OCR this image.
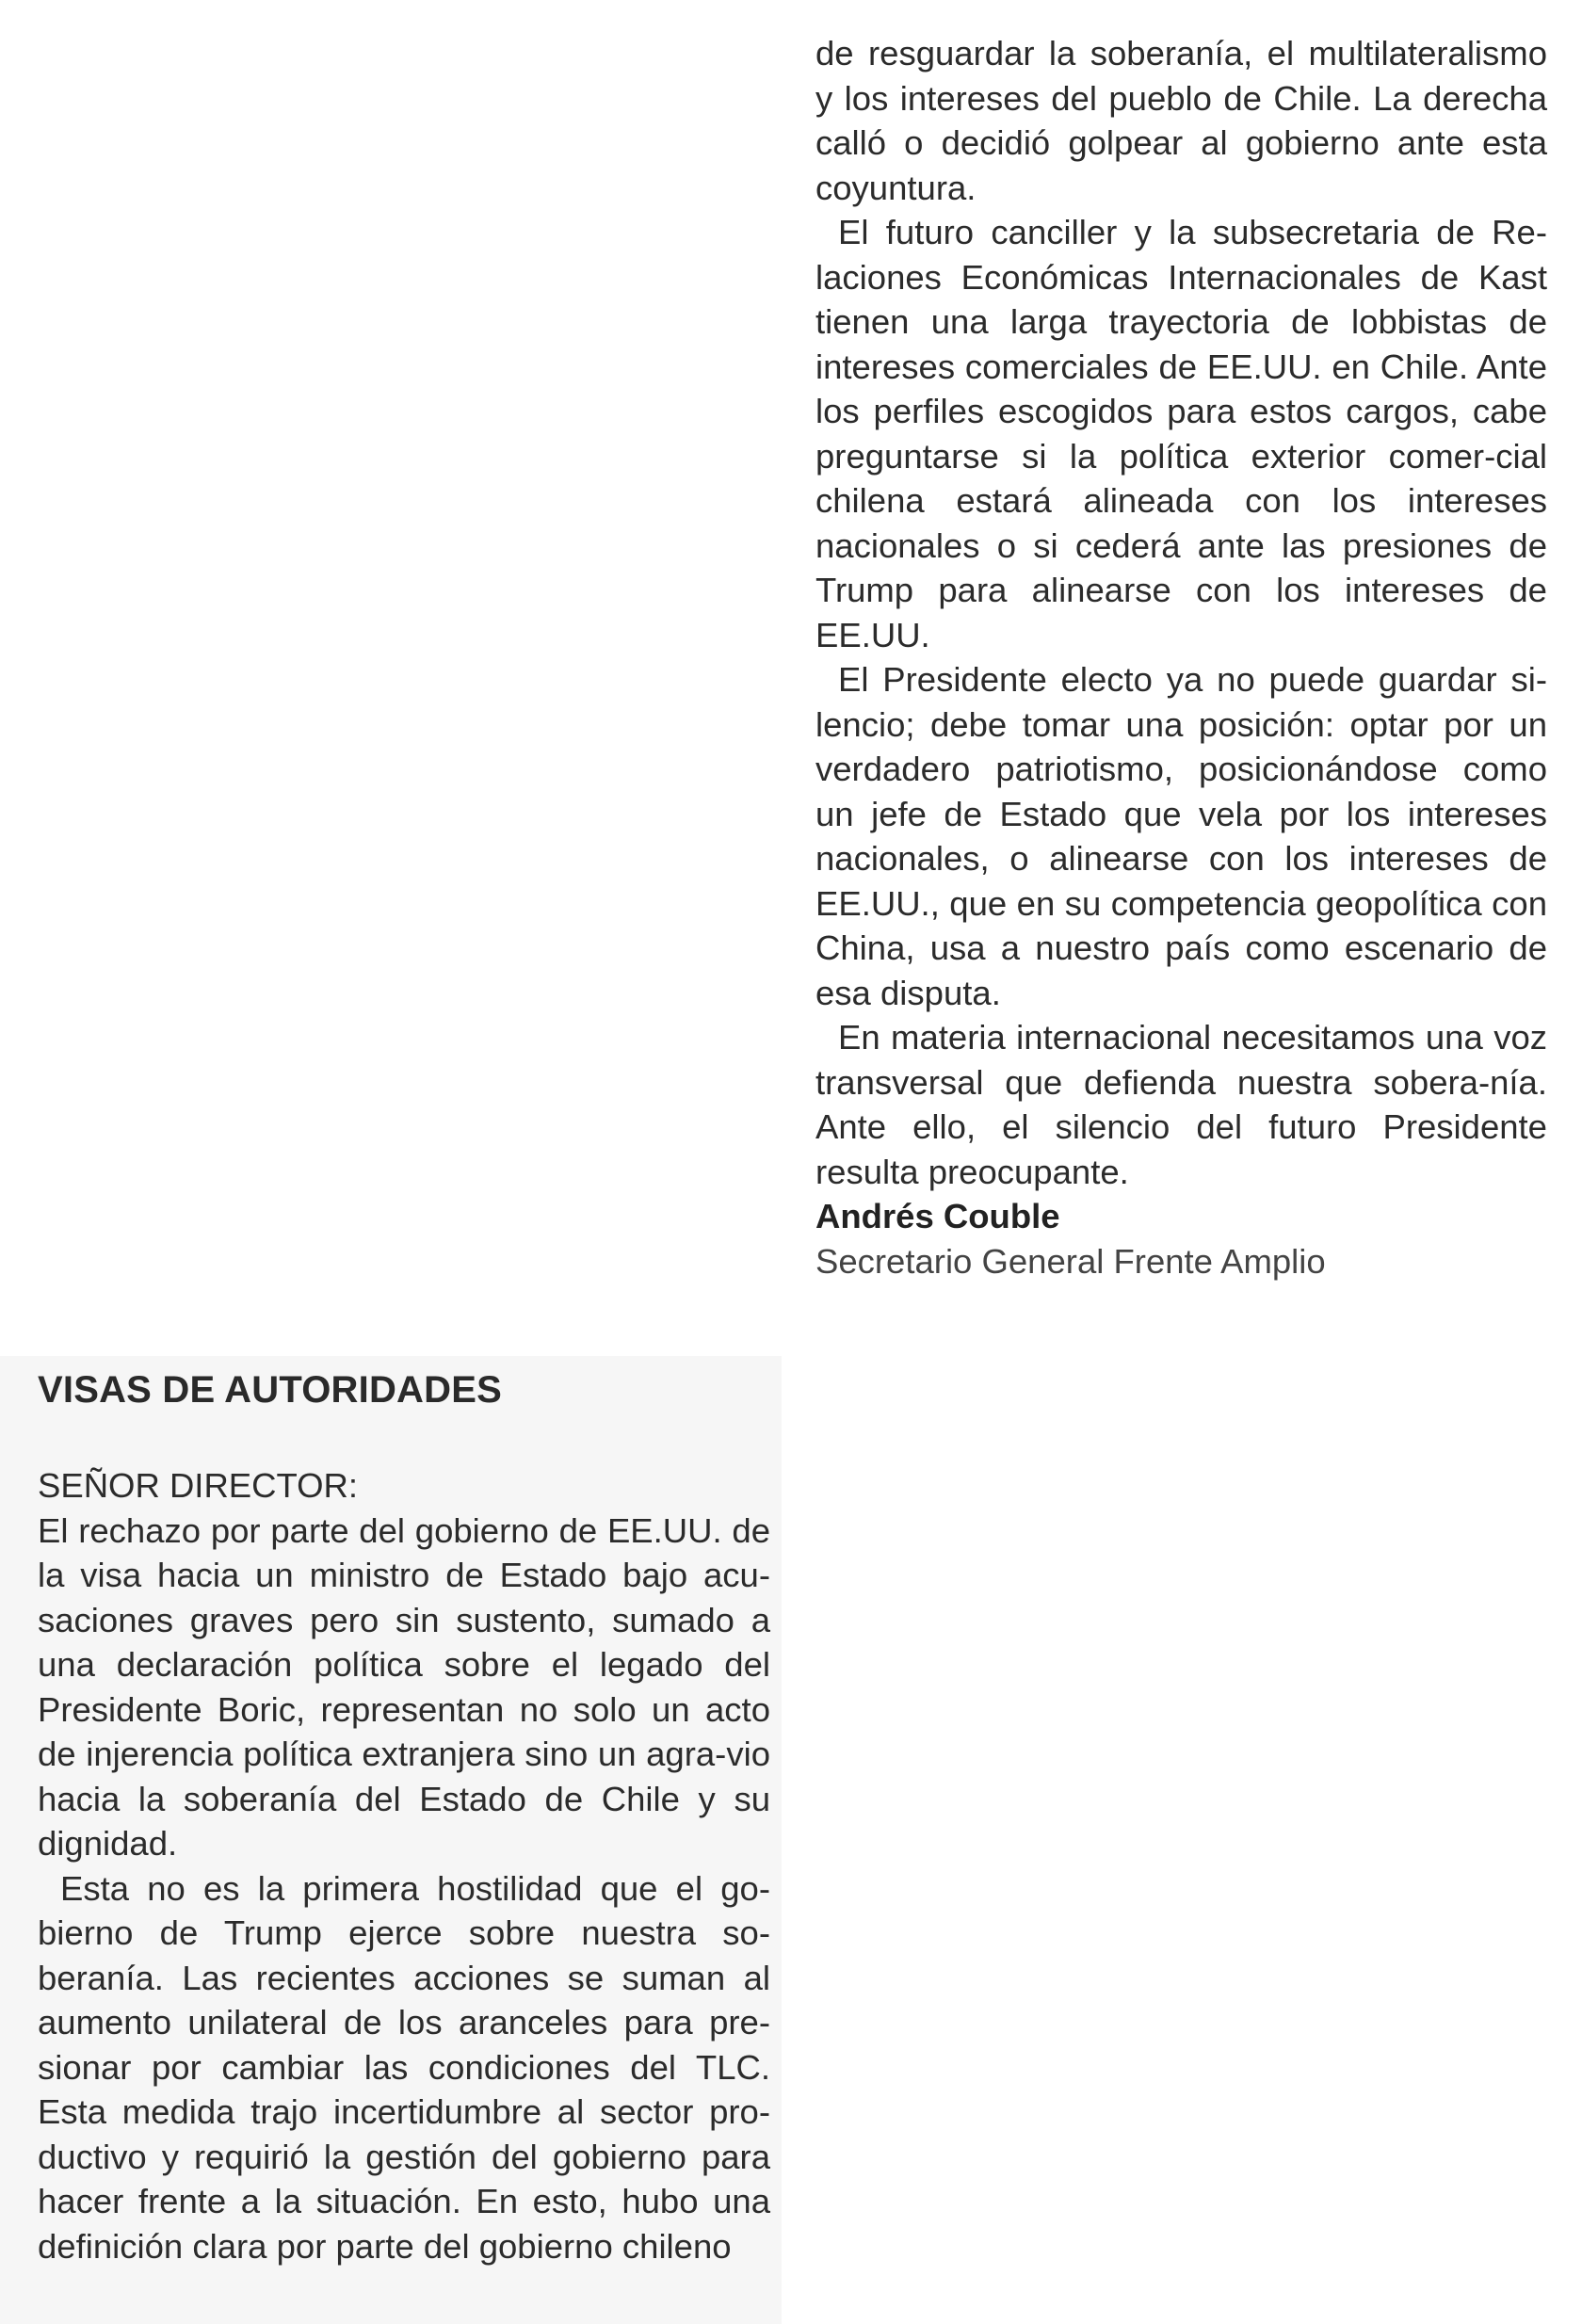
de resguardar la soberanía, el multilateralismo y los intereses del pueblo de Chile. La derecha calló o decidió golpear al gobierno ante esta coyuntura.

El futuro canciller y la subsecretaria de Re-laciones Económicas Internacionales de Kast tienen una larga trayectoria de lobbistas de intereses comerciales de EE.UU. en Chile. Ante los perfiles escogidos para estos cargos, cabe preguntarse si la política exterior comer-cial chilena estará alineada con los intereses nacionales o si cederá ante las presiones de Trump para alinearse con los intereses de EE.UU.

El Presidente electo ya no puede guardar si-lencio; debe tomar una posición: optar por un verdadero patriotismo, posicionándose como un jefe de Estado que vela por los intereses nacionales, o alinearse con los intereses de EE.UU., que en su competencia geopolítica con China, usa a nuestro país como escenario de esa disputa.

En materia internacional necesitamos una voz transversal que defienda nuestra sobera-nía. Ante ello, el silencio del futuro Presidente resulta preocupante.

Andrés Couble

Secretario General Frente Amplio

VISAS DE AUTORIDADES

SEÑOR DIRECTOR:

El rechazo por parte del gobierno de EE.UU. de la visa hacia un ministro de Estado bajo acu-saciones graves pero sin sustento, sumado a una declaración política sobre el legado del Presidente Boric, representan no solo un acto de injerencia política extranjera sino un agra-vio hacia la soberanía del Estado de Chile y su dignidad.

Esta no es la primera hostilidad que el go-bierno de Trump ejerce sobre nuestra so-beranía. Las recientes acciones se suman al aumento unilateral de los aranceles para pre-sionar por cambiar las condiciones del TLC. Esta medida trajo incertidumbre al sector pro-ductivo y requirió la gestión del gobierno para hacer frente a la situación. En esto, hubo una definición clara por parte del gobierno chileno
